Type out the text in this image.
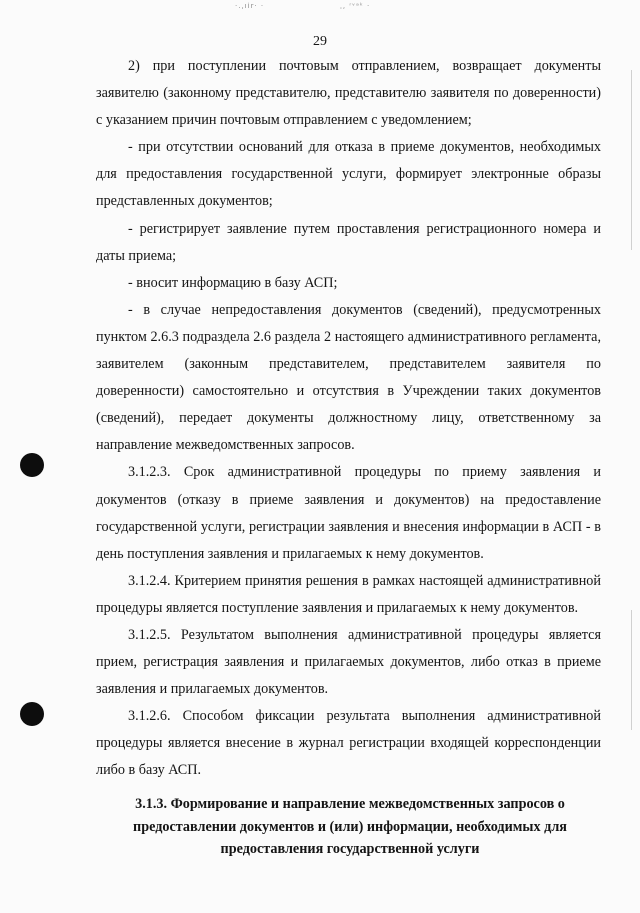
·.,ıı̇r· ·	ˌ, ʳᵛᵃᵏ ·
29

2) при поступлении почтовым отправлением, возвращает документы заявителю (законному представителю, представителю заявителя по доверенности) с указанием причин почтовым отправлением с уведомлением;

- при отсутствии оснований для отказа в приеме документов, необходимых для предоставления государственной услуги, формирует электронные образы представленных документов;

- регистрирует заявление путем проставления регистрационного номера и даты приема;

- вносит информацию в базу АСП;

- в случае непредоставления документов (сведений), предусмотренных пунктом 2.6.3 подраздела 2.6 раздела 2 настоящего административного регламента, заявителем (законным представителем, представителем заявителя по доверенности) самостоятельно и отсутствия в Учреждении таких документов (сведений), передает документы должностному лицу, ответственному за направление межведомственных запросов.

3.1.2.3. Срок административной процедуры по приему заявления и документов (отказу в приеме заявления и документов) на предоставление государственной услуги, регистрации заявления и внесения информации в АСП - в день поступления заявления и прилагаемых к нему документов.

3.1.2.4. Критерием принятия решения в рамках настоящей административной процедуры является поступление заявления и прилагаемых к нему документов.

3.1.2.5. Результатом выполнения административной процедуры является прием, регистрация заявления и прилагаемых документов, либо отказ в приеме заявления и прилагаемых документов.

3.1.2.6. Способом фиксации результата выполнения административной процедуры является внесение в журнал регистрации входящей корреспонденции либо в базу АСП.

3.1.3. Формирование и направление межведомственных запросов о предоставлении документов и (или) информации, необходимых для предоставления государственной услуги
